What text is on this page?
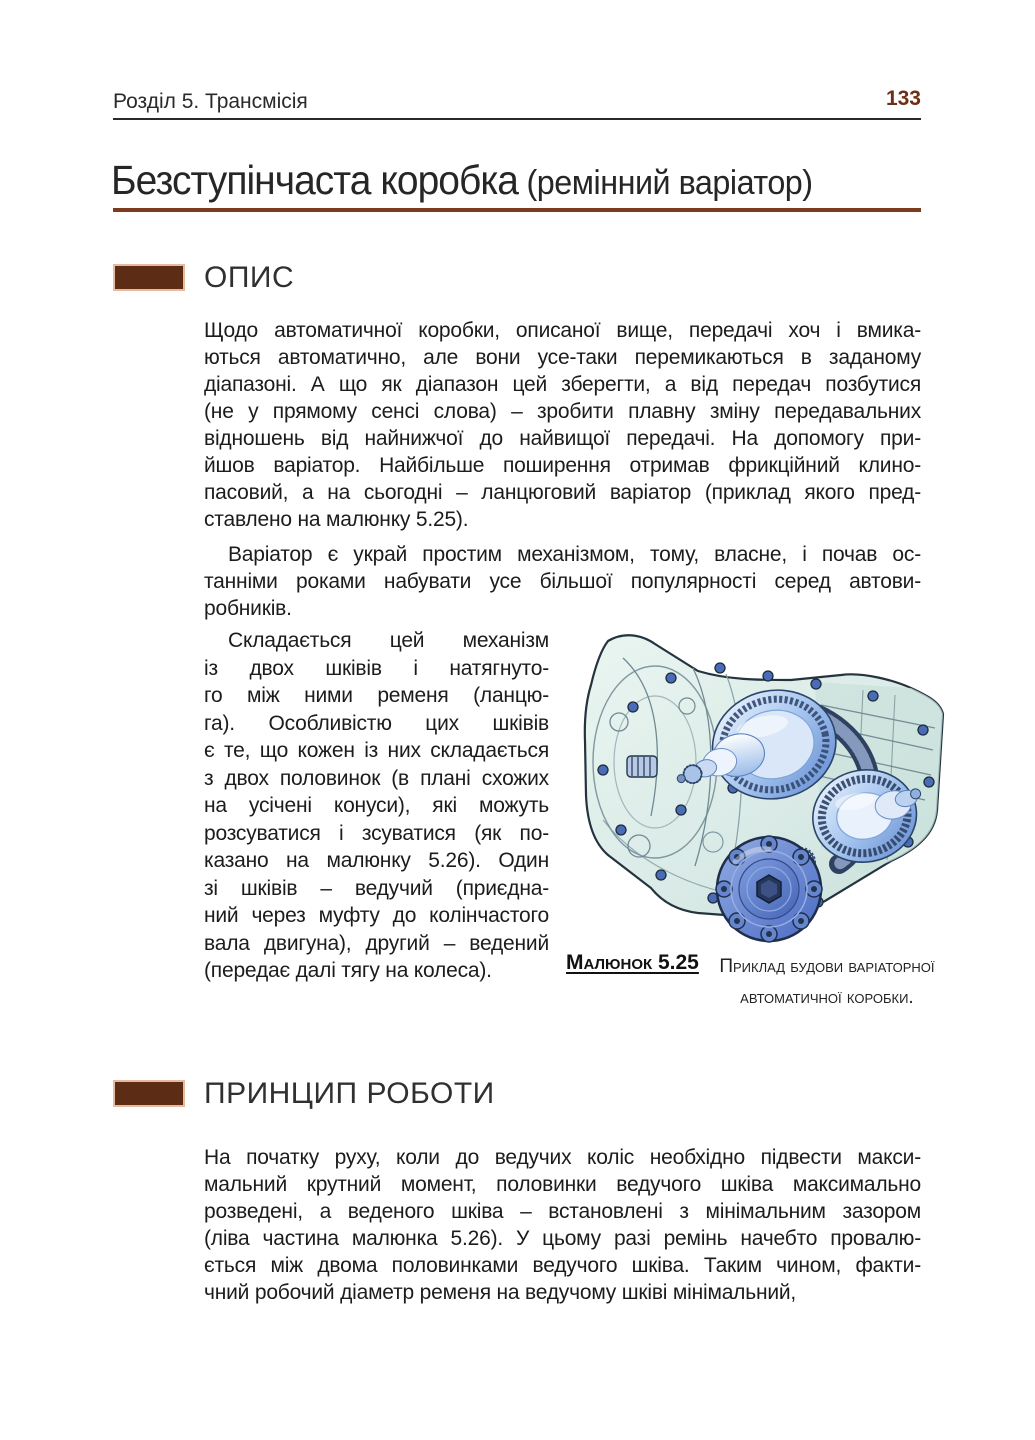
Розділ 5. Трансмісія	133
Безступінчаста коробка (ремінний варіатор)
ОПИС
Щодо автоматичної коробки, описаної вище, передачі хоч і вмика-
ються автоматично, але вони усе-таки перемикаються в заданому
діапазоні. А що як діапазон цей зберегти, а від передач позбутися
(не у прямому сенсі слова) – зробити плавну зміну передавальних
відношень від найнижчої до найвищої передачі. На допомогу при-
йшов варіатор. Найбільше поширення отримав фрикційний клино-
пасовий, а на сьогодні – ланцюговий варіатор (приклад якого пред-
ставлено на малюнку 5.25).
Варіатор є украй простим механізмом, тому, власне, і почав ос-
танніми роками набувати усе більшої популярності серед автови-
робників.
Складається цей механізм
із двох шківів і натягнуто-
го між ними ременя (ланцю-
га). Особливістю цих шківів
є те, що кожен із них складається
з двох половинок (в плані схожих
на усічені конуси), які можуть
розсуватися і зсуватися (як по-
казано на малюнку 5.26). Один
зі шківів – ведучий (приєдна-
ний через муфту до колінчастого
вала двигуна), другий – ведений
(передає далі тягу на колеса).	Малюнок 5.25	Приклад будови варіаторної
автоматичної коробки.
ПРИНЦИП РОБОТИ
На початку руху, коли до ведучих коліс необхідно підвести макси-
мальний крутний момент, половинки ведучого шківа максимально
розведені, а веденого шківа – встановлені з мінімальним зазором
(ліва частина малюнка 5.26). У цьому разі ремінь начебто провалю-
ється між двома половинками ведучого шківа. Таким чином, факти-
чний робочий діаметр ременя на ведучому шківі мінімальний,
